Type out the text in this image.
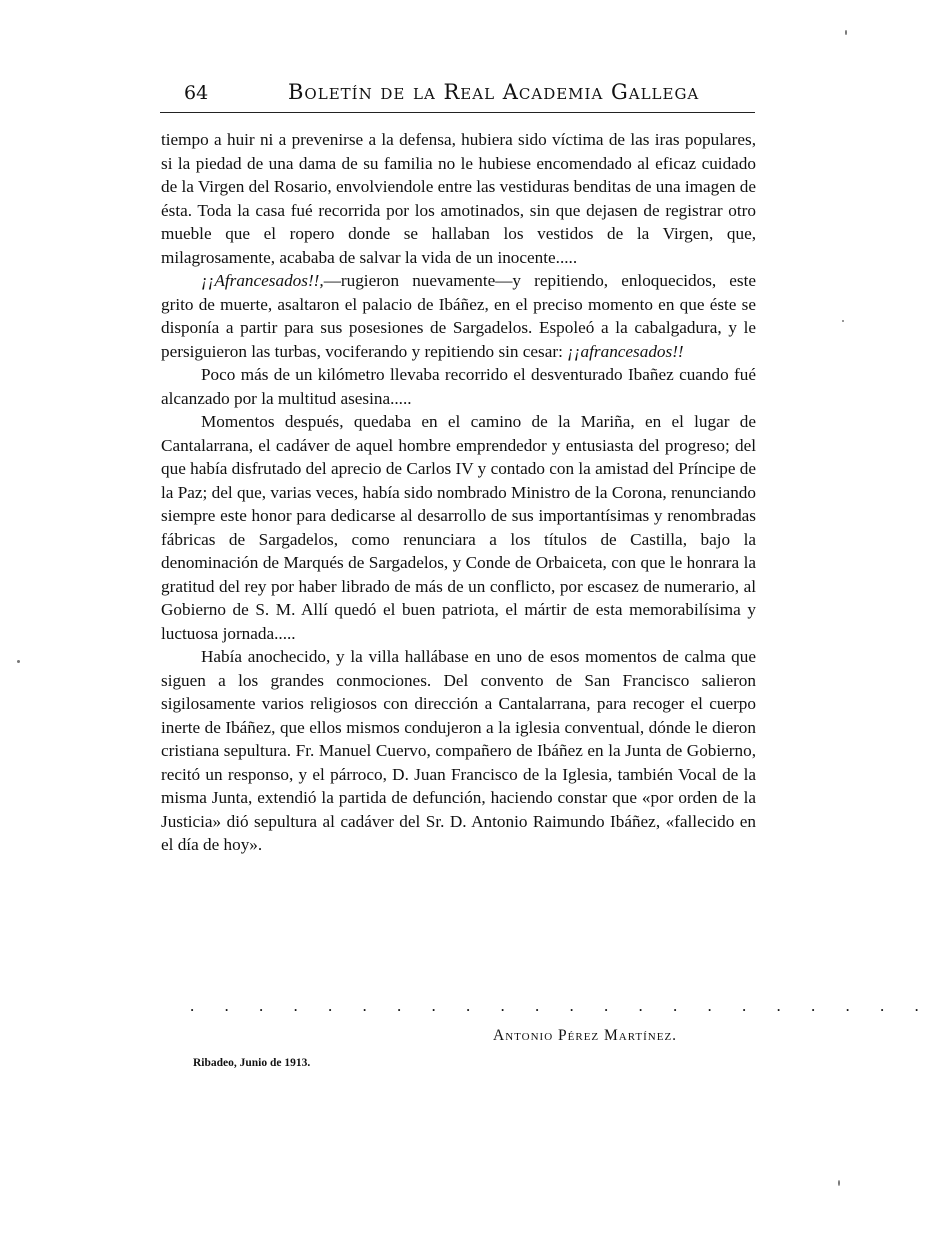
64	Boletín de la Real Academia Gallega

tiempo a huir ni a prevenirse a la defensa, hubiera sido víctima de las iras populares, si la piedad de una dama de su familia no le hubiese encomendado al eficaz cuidado de la Virgen del Rosario, envolviendole entre las vestiduras benditas de una imagen de ésta. Toda la casa fué recorrida por los amotinados, sin que dejasen de registrar otro mueble que el ropero donde se hallaban los vestidos de la Virgen, que, milagrosamente, acababa de salvar la vida de un inocente.....

¡¡Afrancesados!!,—rugieron nuevamente—y repitiendo, enloquecidos, este grito de muerte, asaltaron el palacio de Ibáñez, en el preciso momento en que éste se disponía a partir para sus posesiones de Sargadelos. Espoleó a la cabalgadura, y le persiguieron las turbas, vociferando y repitiendo sin cesar: ¡¡afrancesados!!

Poco más de un kilómetro llevaba recorrido el desventurado Ibañez cuando fué alcanzado por la multitud asesina.....

Momentos después, quedaba en el camino de la Mariña, en el lugar de Cantalarrana, el cadáver de aquel hombre emprendedor y entusiasta del progreso; del que había disfrutado del aprecio de Carlos IV y contado con la amistad del Príncipe de la Paz; del que, varias veces, había sido nombrado Ministro de la Corona, renunciando siempre este honor para dedicarse al desarrollo de sus importantísimas y renombradas fábricas de Sargadelos, como renunciara a los títulos de Castilla, bajo la denominación de Marqués de Sargadelos, y Conde de Orbaiceta, con que le honrara la gratitud del rey por haber librado de más de un conflicto, por escasez de numerario, al Gobierno de S. M. Allí quedó el buen patriota, el mártir de esta memorabilísima y luctuosa jornada.....

Había anochecido, y la villa hallábase en uno de esos momentos de calma que siguen a los grandes conmociones. Del convento de San Francisco salieron sigilosamente varios religiosos con dirección a Cantalarrana, para recoger el cuerpo inerte de Ibáñez, que ellos mismos condujeron a la iglesia conventual, dónde le dieron cristiana sepultura. Fr. Manuel Cuervo, compañero de Ibáñez en la Junta de Gobierno, recitó un responso, y el párroco, D. Juan Francisco de la Iglesia, también Vocal de la misma Junta, extendió la partida de defunción, haciendo constar que «por orden de la Justicia» dió sepultura al cadáver del Sr. D. Antonio Raimundo Ibáñez, «fallecido en el día de hoy».

. . . . . . . . . . . . . . . . . . . . . .
Antonio Pérez Martínez.
Ribadeo, Junio de 1913.
